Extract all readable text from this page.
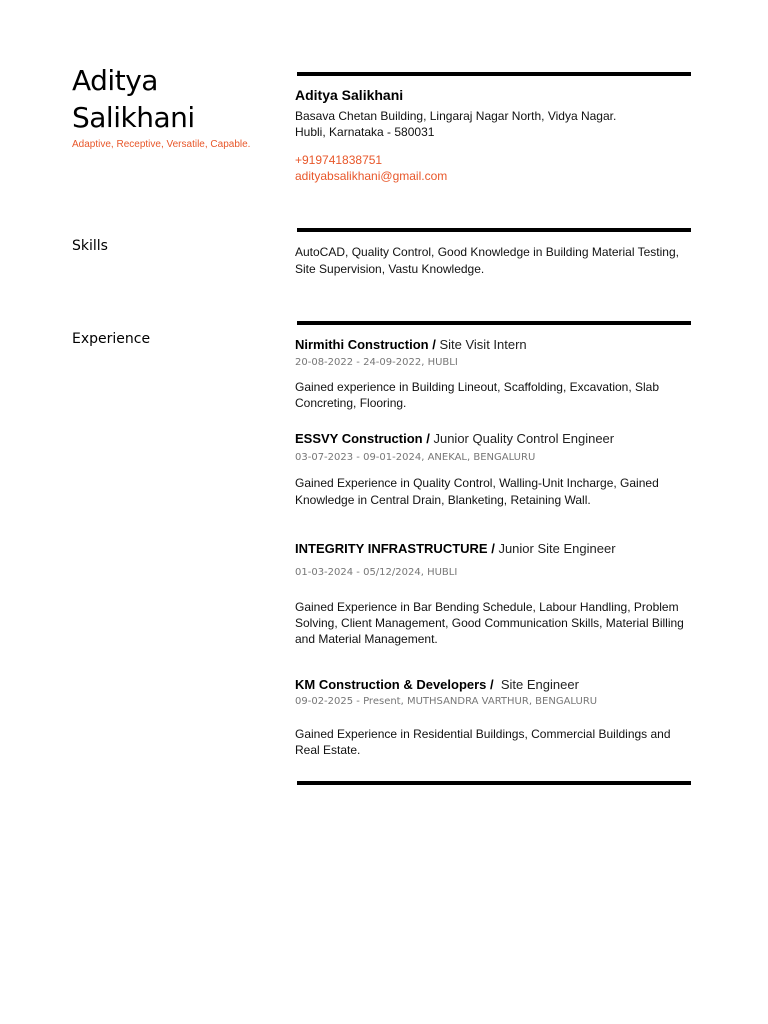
Aditya
Salikhani
Adaptive, Receptive, Versatile, Capable.
Skills
Experience
Aditya Salikhani
Basava Chetan Building, Lingaraj Nagar North, Vidya Nagar.
Hubli, Karnataka - 580031
+919741838751
adityabsalikhani@gmail.com
AutoCAD, Quality Control, Good Knowledge in Building Material Testing, Site Supervision, Vastu Knowledge.
Nirmithi Construction / Site Visit Intern
20-08-2022 - 24-09-2022, HUBLI
Gained experience in Building Lineout, Scaffolding, Excavation, Slab Concreting, Flooring.
ESSVY Construction / Junior Quality Control Engineer
03-07-2023 - 09-01-2024, ANEKAL, BENGALURU
Gained Experience in Quality Control, Walling-Unit Incharge, Gained Knowledge in Central Drain, Blanketing, Retaining Wall.
INTEGRITY INFRASTRUCTURE / Junior Site Engineer
01-03-2024 - 05/12/2024, HUBLI
Gained Experience in Bar Bending Schedule, Labour Handling, Problem Solving, Client Management, Good Communication Skills, Material Billing and Material Management.
KM Construction & Developers / Site Engineer
09-02-2025 - Present, MUTHSANDRA VARTHUR, BENGALURU
Gained Experience in Residential Buildings, Commercial Buildings and Real Estate.
